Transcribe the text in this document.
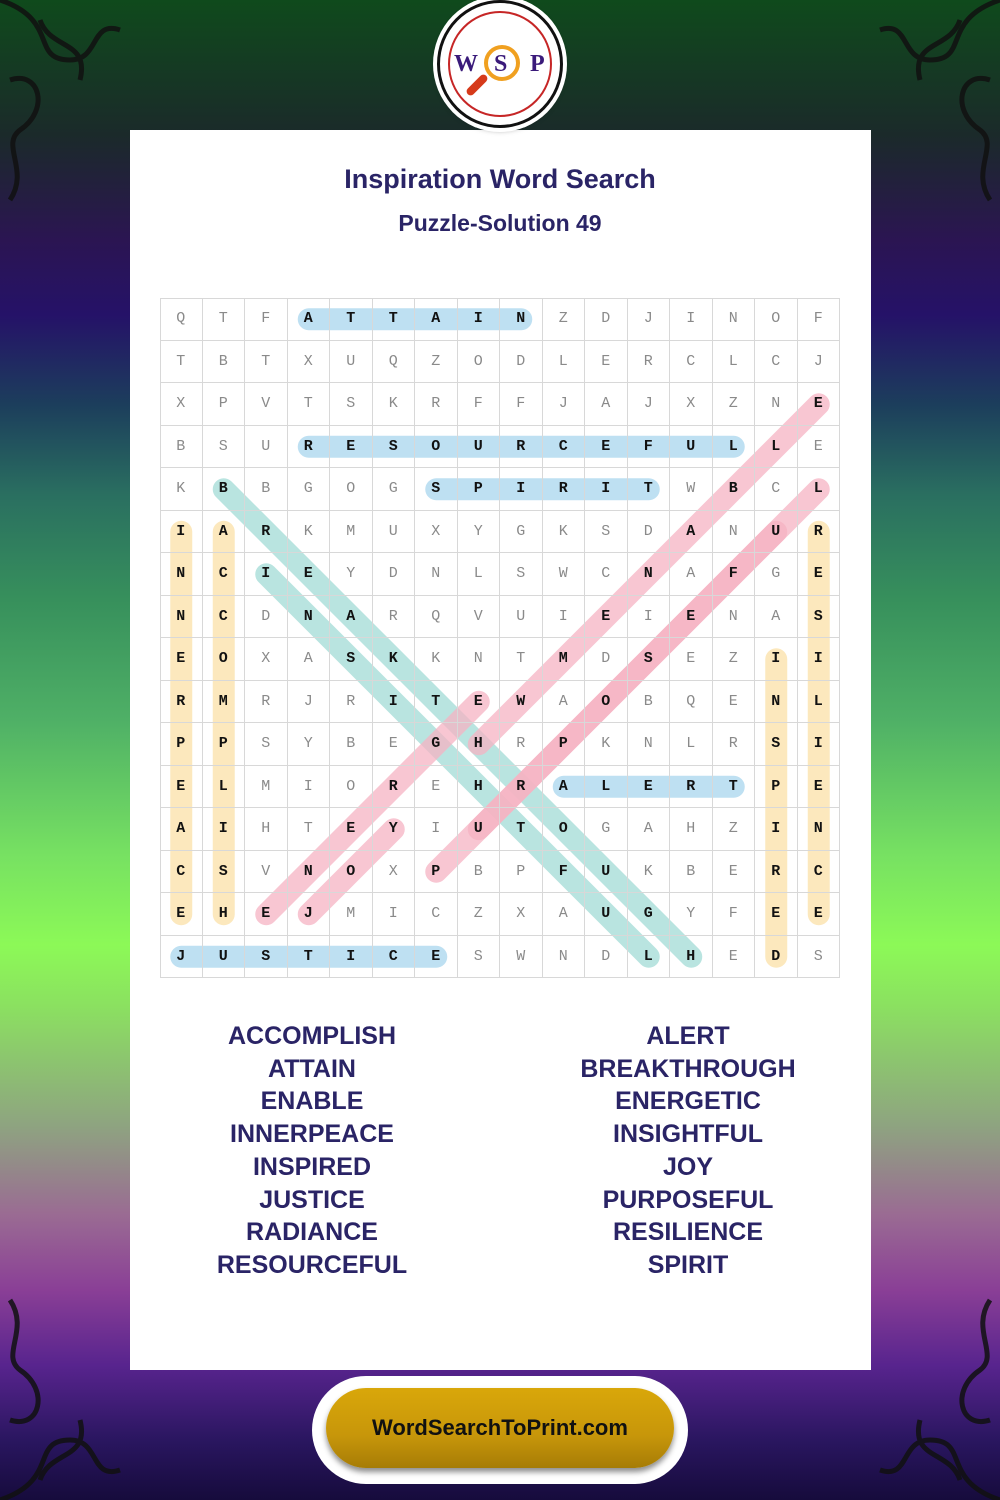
W S P
Inspiration Word Search
Puzzle-Solution 49
Q	T	F	A	T	T	A	I	N	Z	D	J	I	N	O	F
T	B	T	X	U	Q	Z	O	D	L	E	R	C	L	C	J
X	P	V	T	S	K	R	F	F	J	A	J	X	Z	N	E
B	S	U	R	E	S	O	U	R	C	E	F	U	L	L	E
K	B	B	G	O	G	S	P	I	R	I	T	W	B	C	L
I	A	R	K	M	U	X	Y	G	K	S	D	A	N	U	R
N	C	I	E	Y	D	N	L	S	W	C	N	A	F	G	E
N	C	D	N	A	R	Q	V	U	I	E	I	E	N	A	S
E	O	X	A	S	K	K	N	T	M	D	S	E	Z	I	I
R	M	R	J	R	I	T	E	W	A	O	B	Q	E	N	L
P	P	S	Y	B	E	G	H	R	P	K	N	L	R	S	I
E	L	M	I	O	R	E	H	R	A	L	E	R	T	P	E
A	I	H	T	E	Y	I	U	T	O	G	A	H	Z	I	N
C	S	V	N	O	X	P	B	P	F	U	K	B	E	R	C
E	H	E	J	M	I	C	Z	X	A	U	G	Y	F	E	E
J	U	S	T	I	C	E	S	W	N	D	L	H	E	D	S
ACCOMPLISH
ATTAIN
ENABLE
INNERPEACE
INSPIRED
JUSTICE
RADIANCE
RESOURCEFUL
ALERT
BREAKTHROUGH
ENERGETIC
INSIGHTFUL
JOY
PURPOSEFUL
RESILIENCE
SPIRIT
WordSearchToPrint.com
